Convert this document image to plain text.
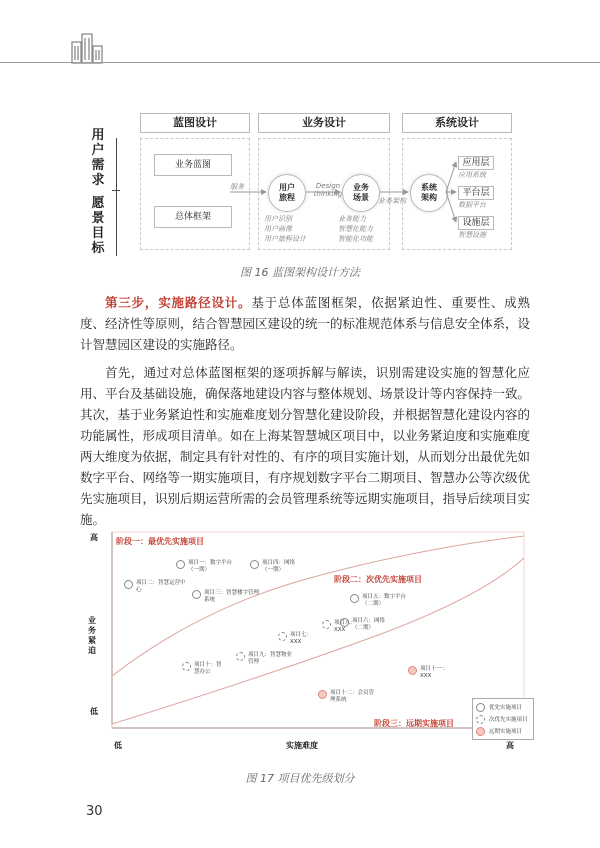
蓝图设计	业务设计	系统设计
用户需求
愿景目标
业务蓝图
总体框架
服务	用户旅程
Design thinking
业务场景
用户识别
用户画像
用户旅程设计
业务能力
智慧化能力
智能化功能
业务架构
系统架构
应用层
应用系统
平台层
数据平台
设施层
智慧设施
图 16 蓝图架构设计方法
第三步，实施路径设计。基于总体蓝图框架，依据紧迫性、重要性、成熟度、经济性等原则，结合智慧园区建设的统一的标准规范体系与信息安全体系，设计智慧园区建设的实施路径。
首先，通过对总体蓝图框架的逐项拆解与解读，识别需建设实施的智慧化应用、平台及基础设施，确保落地建设内容与整体规划、场景设计等内容保持一致。其次，基于业务紧迫性和实施难度划分智慧化建设阶段，并根据智慧化建设内容的功能属性，形成项目清单。如在上海某智慧城区项目中，以业务紧迫度和实施难度两大维度为依据，制定具有针对性的、有序的项目实施计划，从而划分出最优先如数字平台、网络等一期实施项目，有序规划数字平台二期项目、智慧办公等次级优先实施项目，识别后期运营所需的会员管理系统等远期实施项目，指导后续项目实施。
高
业务紧迫
低
低	实施难度	高
阶段一：最优先实施项目
阶段二：次优先实施项目
阶段三：远期实施项目
项目一：数字平台（一期）
项目二：智慧运营中心	项目三：智慧楼宇管理系统
项目四：网络（一期）
项目五：数字平台（二期）
项目六：网络（二期）
项目七：XXX
项目八：XXX
项目九：智慧物业管理
项目十：智慧办公	项目十一：XXX
项目十二：会员管理系统
优先实施项目
次优先实施项目
远期实施项目
图 17 项目优先级划分
30
